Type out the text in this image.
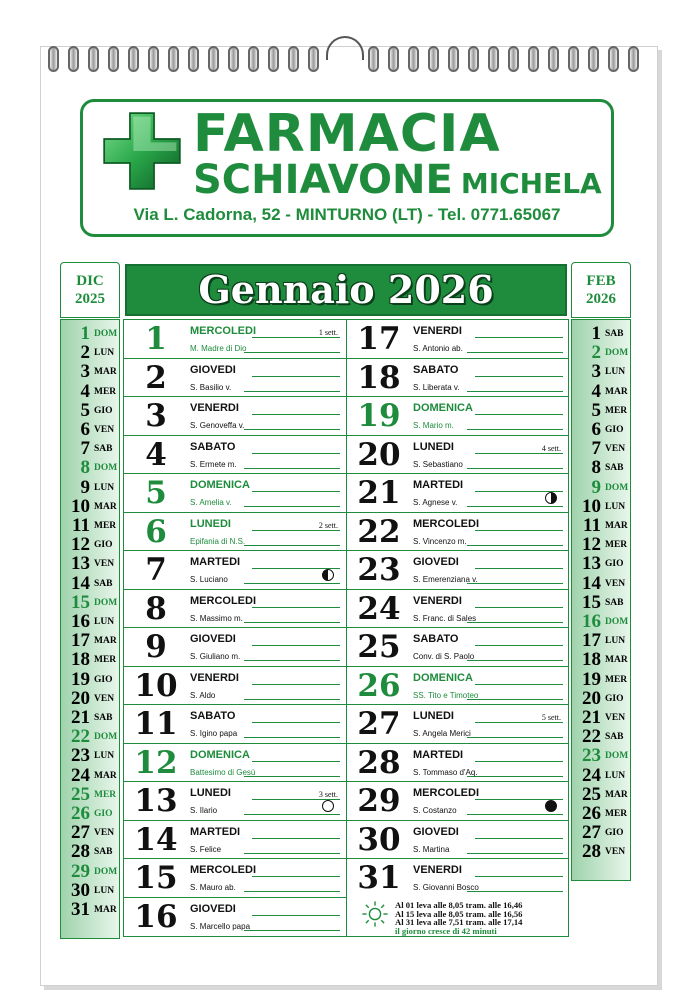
FARMACIA
SCHIAVONE MICHELA
Via L. Cadorna, 52 - MINTURNO (LT) - Tel. 0771.65067
DIC
2025	Gennaio 2026	FEB
2026
1 DOM
2 LUN
3 MAR
4 MER
5 GIO
6 VEN
7 SAB
8 DOM
9 LUN
10 MAR
11 MER
12 GIO
13 VEN
14 SAB
15 DOM
16 LUN
17 MAR
18 MER
19 GIO
20 VEN
21 SAB
22 DOM
23 LUN
24 MAR
25 MER
26 GIO
27 VEN
28 SAB
29 DOM
30 LUN
31 MAR
1 SAB
2 DOM
3 LUN
4 MAR
5 MER
6 GIO
7 VEN
8 SAB
9 DOM
10 LUN
11 MAR
12 MER
13 GIO
14 VEN
15 SAB
16 DOM
17 LUN
18 MAR
19 MER
20 GIO
21 VEN
22 SAB
23 DOM
24 LUN
25 MAR
26 MER
27 GIO
28 VEN
1	MERCOLEDI
M. Madre di Dio
1 sett.
2	GIOVEDI
S. Basilio v.
3	VENERDI
S. Genoveffa v.
4	SABATO
S. Ermete m.
5	DOMENICA
S. Amelia v.
6	LUNEDI
Epifania di N.S.
2 sett.
7	MARTEDI
S. Luciano
8	MERCOLEDI
S. Massimo m.
9	GIOVEDI
S. Giuliano m.
10	VENERDI
S. Aldo
11	SABATO
S. Igino papa
12	DOMENICA
Battesimo di Gesù
13	LUNEDI
S. Ilario
3 sett.
14	MARTEDI
S. Felice
15	MERCOLEDI
S. Mauro ab.
16	GIOVEDI
S. Marcello papa
Al 01 leva alle 8,05 tram. alle 16,46
Al 15 leva alle 8,05 tram. alle 16,56
Al 31 leva alle 7,51 tram. alle 17,14
il giorno cresce di 42 minuti
17	VENERDI
S. Antonio ab.
18	SABATO
S. Liberata v.
19	DOMENICA
S. Mario m.
20	LUNEDI
S. Sebastiano
4 sett.
21	MARTEDI
S. Agnese v.
22	MERCOLEDI
S. Vincenzo m.
23	GIOVEDI
S. Emerenziana v.
24	VENERDI
S. Franc. di Sales
25	SABATO
Conv. di S. Paolo
26	DOMENICA
SS. Tito e Timoteo
27	LUNEDI
S. Angela Merici
5 sett.
28	MARTEDI
S. Tommaso d'Aq.
29	MERCOLEDI
S. Costanzo
30	GIOVEDI
S. Martina
31	VENERDI
S. Giovanni Bosco
